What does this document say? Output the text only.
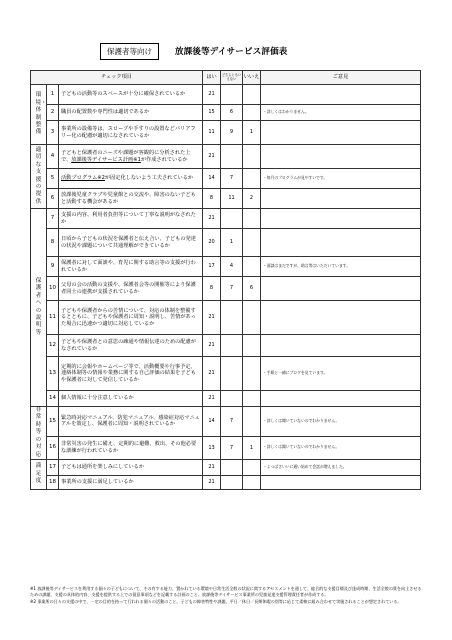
保護者等向け	放課後等デイサービス評価表
チェック項目			はい	どちらともいえない	いいえ	ご意見
環境・体制整備	1	子どもの活動等のスペースが十分に確保されているか	21			
	2	職員の配置数や専門性は適切であるか	15	6		・詳しくはわかりません。
	3	事業所の設備等は、スロープや手すりの設置などバリアフリー化の配慮が適切になされているか	11	9	1	
適切な支援の提供	4	子どもと保護者のニーズや課題が客観的に分析された上で、放課後等デイサービス計画※1が作成されているか	21			
	5	活動プログラム※2が固定化しないよう工夫されているか	14	7		・毎月のプログラムが見やすいです。
	6	放課後児童クラブや児童館との交流や、障害のない子どもと活動する機会があるか	8	11	2	
保護者への説明等	7	支援の内容、利用者負担等について丁寧な説明がなされたか	21			
	8	日頃から子どもの状況を保護者と伝え合い、子どもの発達の状況や課題について共通理解ができているか	20	1		
	9	保護者に対して面談や、育児に関する助言等の支援が行われているか	17	4		・面談はまだですが、助言等はいただいています。
	10	父母の会の活動の支援や、保護者会等の開催等により保護者同士の連携が支援されているか	8	7	6	
	11	子どもや保護者からの苦情について、対応の体制を整備するとともに、子どもや保護者に周知・説明し、苦情があった場合に迅速かつ適切に対応しているか	21			
	12	子どもや保護者との意思の疎通や情報伝達のための配慮がなされているか	21			
	13	定期的に会報やホームページ等で、活動概要や行事予定、連絡体制等の情報や業務に関する自己評価の結果を子どもや保護者に対して発信しているか	21			・手紙と一緒にブログを見ています。
	14	個人情報に十分注意しているか	21			
非常時等の対応	15	緊急時対応マニュアル、防犯マニュアル、感染症対応マニュアルを策定し、保護者に周知・説明されているか	14	7		・詳しくは聞いていないのでわかりません。
	16	非常災害の発生に備え、定期的に避難、救出、その他必要な訓練が行われているか	13	7	1	・詳しくは聞いていないのでわかりません。
満足度	17	子どもは通所を楽しみにしているか	21			・よつばさいいに通い始めて会話が増えました。
	18	事業所の支援に満足しているか	21			

※1 放課後等デイサービスを利用する個々の子どもについて、その有する能力、置かれている環境や日常生活全般の状況に関するアセスメントを通して、総合的な支援目標及び達成時期、生活全般の質を向上させるための課題、支援の具体的内容、支援を提供する上での留意事項などを記載する計画のこと。放課後等デイサービス事業所の児童発達支援管理責任者が作成する。

※2 事業所の日々の支援の中で、一定の目的を持って行われる個々の活動のこと。子どもの障害特性や課題、平日／休日／長期休暇の別等に応じて柔軟に組み合わせて実施されることが想定されている。
